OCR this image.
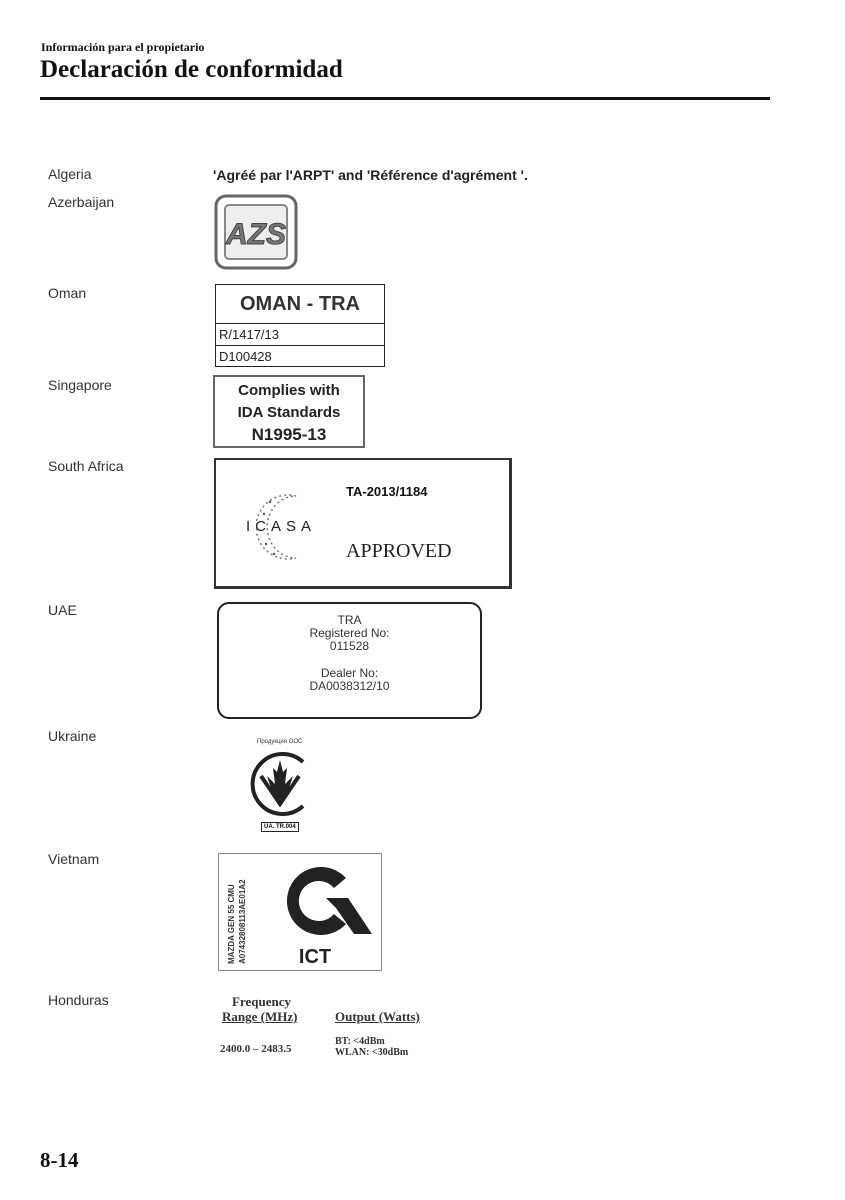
Información para el propietario
Declaración de conformidad
Algeria
Azerbaijan
Oman
Singapore
South Africa
UAE
Ukraine
Vietnam
Honduras
'Agréé par l'ARPT' and 'Référence d'agrément '.
AZS
OMAN - TRA
R/1417/13
D100428
Complies with
IDA Standards
N1995-13
TA-2013/1184
ICASA
APPROVED
TRA
Registered No:
011528
Dealer No:
DA0038312/10
Продукция ООС
UA. TR.004
MAZDA GEN 55 CMU A07432808113AE01A2	ICT
Frequency
Range (MHz)	Output (Watts)
2400.0 – 2483.5
BT: <4dBm
WLAN: <30dBm
8-14
